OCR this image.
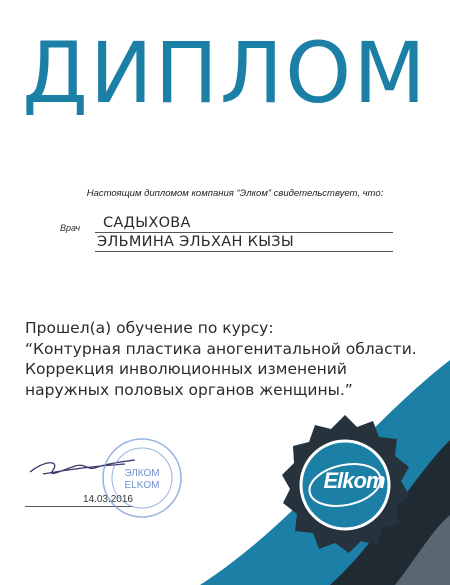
ДИПЛОМ
Настоящим дипломом компания “Элком” свидетельствует, что:
Врач	САДЫХОВА
ЭЛЬМИНА ЭЛЬХАН КЫЗЫ
Прошел(а) обучение по курсу:
“Контурная пластика аногенитальной области.
Коррекция инволюционных изменений
наружных половых органов женщины.”
14.03.2016
ЭЛКОМ
ELKOM	Elkom
